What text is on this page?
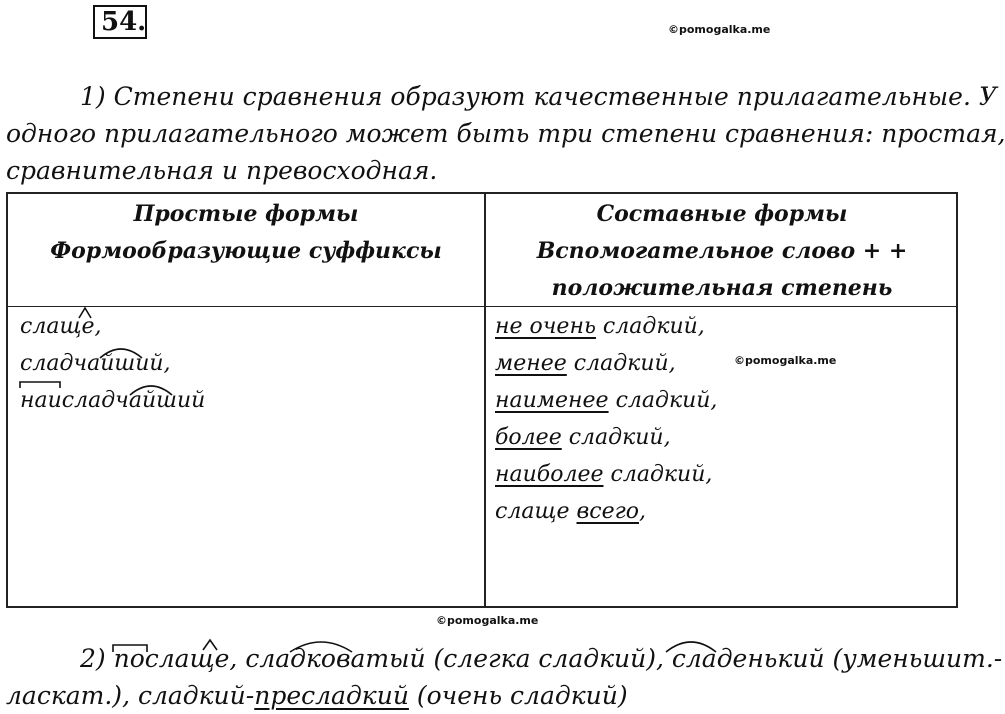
54.	©pomogalka.me
1) Степени сравнения образуют качественные прилагательные. У
одного прилагательного может быть три степени сравнения: простая,
сравнительная и превосходная.
Простые формы
Формообразующие суффиксы
Составные формы
Вспомогательное слово + +
положительная степень
слаще,
сладчайший,
наисладчайший
не очень сладкий,
менее сладкий,
наименее сладкий,
более сладкий,
наиболее сладкий,
слаще всего,
©pomogalka.me
©pomogalka.me
2) послаще, сладковатый (слегка сладкий), сладенький (уменьшит.-
ласкат.), сладкий-пресладкий (очень сладкий)
